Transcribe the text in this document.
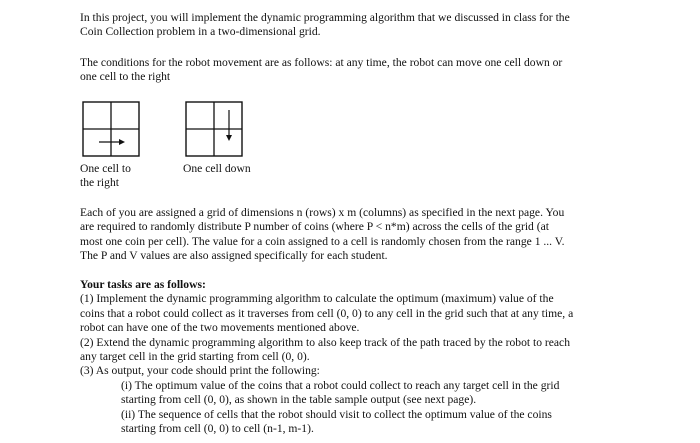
In this project, you will implement the dynamic programming algorithm that we discussed in class for the
Coin Collection problem in a two-dimensional grid.
The conditions for the robot movement are as follows: at any time, the robot can move one cell down or
one cell to the right

One cell to
the right

One cell down

Each of you are assigned a grid of dimensions n (rows) x m (columns) as specified in the next page. You
are required to randomly distribute P number of coins (where P < n*m) across the cells of the grid (at
most one coin per cell). The value for a coin assigned to a cell is randomly chosen from the range 1 ... V.
The P and V values are also assigned specifically for each student.
Your tasks are as follows:
(1) Implement the dynamic programming algorithm to calculate the optimum (maximum) value of the
coins that a robot could collect as it traverses from cell (0, 0) to any cell in the grid such that at any time, a
robot can have one of the two movements mentioned above.
(2) Extend the dynamic programming algorithm to also keep track of the path traced by the robot to reach
any target cell in the grid starting from cell (0, 0).
(3) As output, your code should print the following:
(i) The optimum value of the coins that a robot could collect to reach any target cell in the grid
starting from cell (0, 0), as shown in the table sample output (see next page).
(ii) The sequence of cells that the robot should visit to collect the optimum value of the coins
starting from cell (0, 0) to cell (n-1, m-1).
